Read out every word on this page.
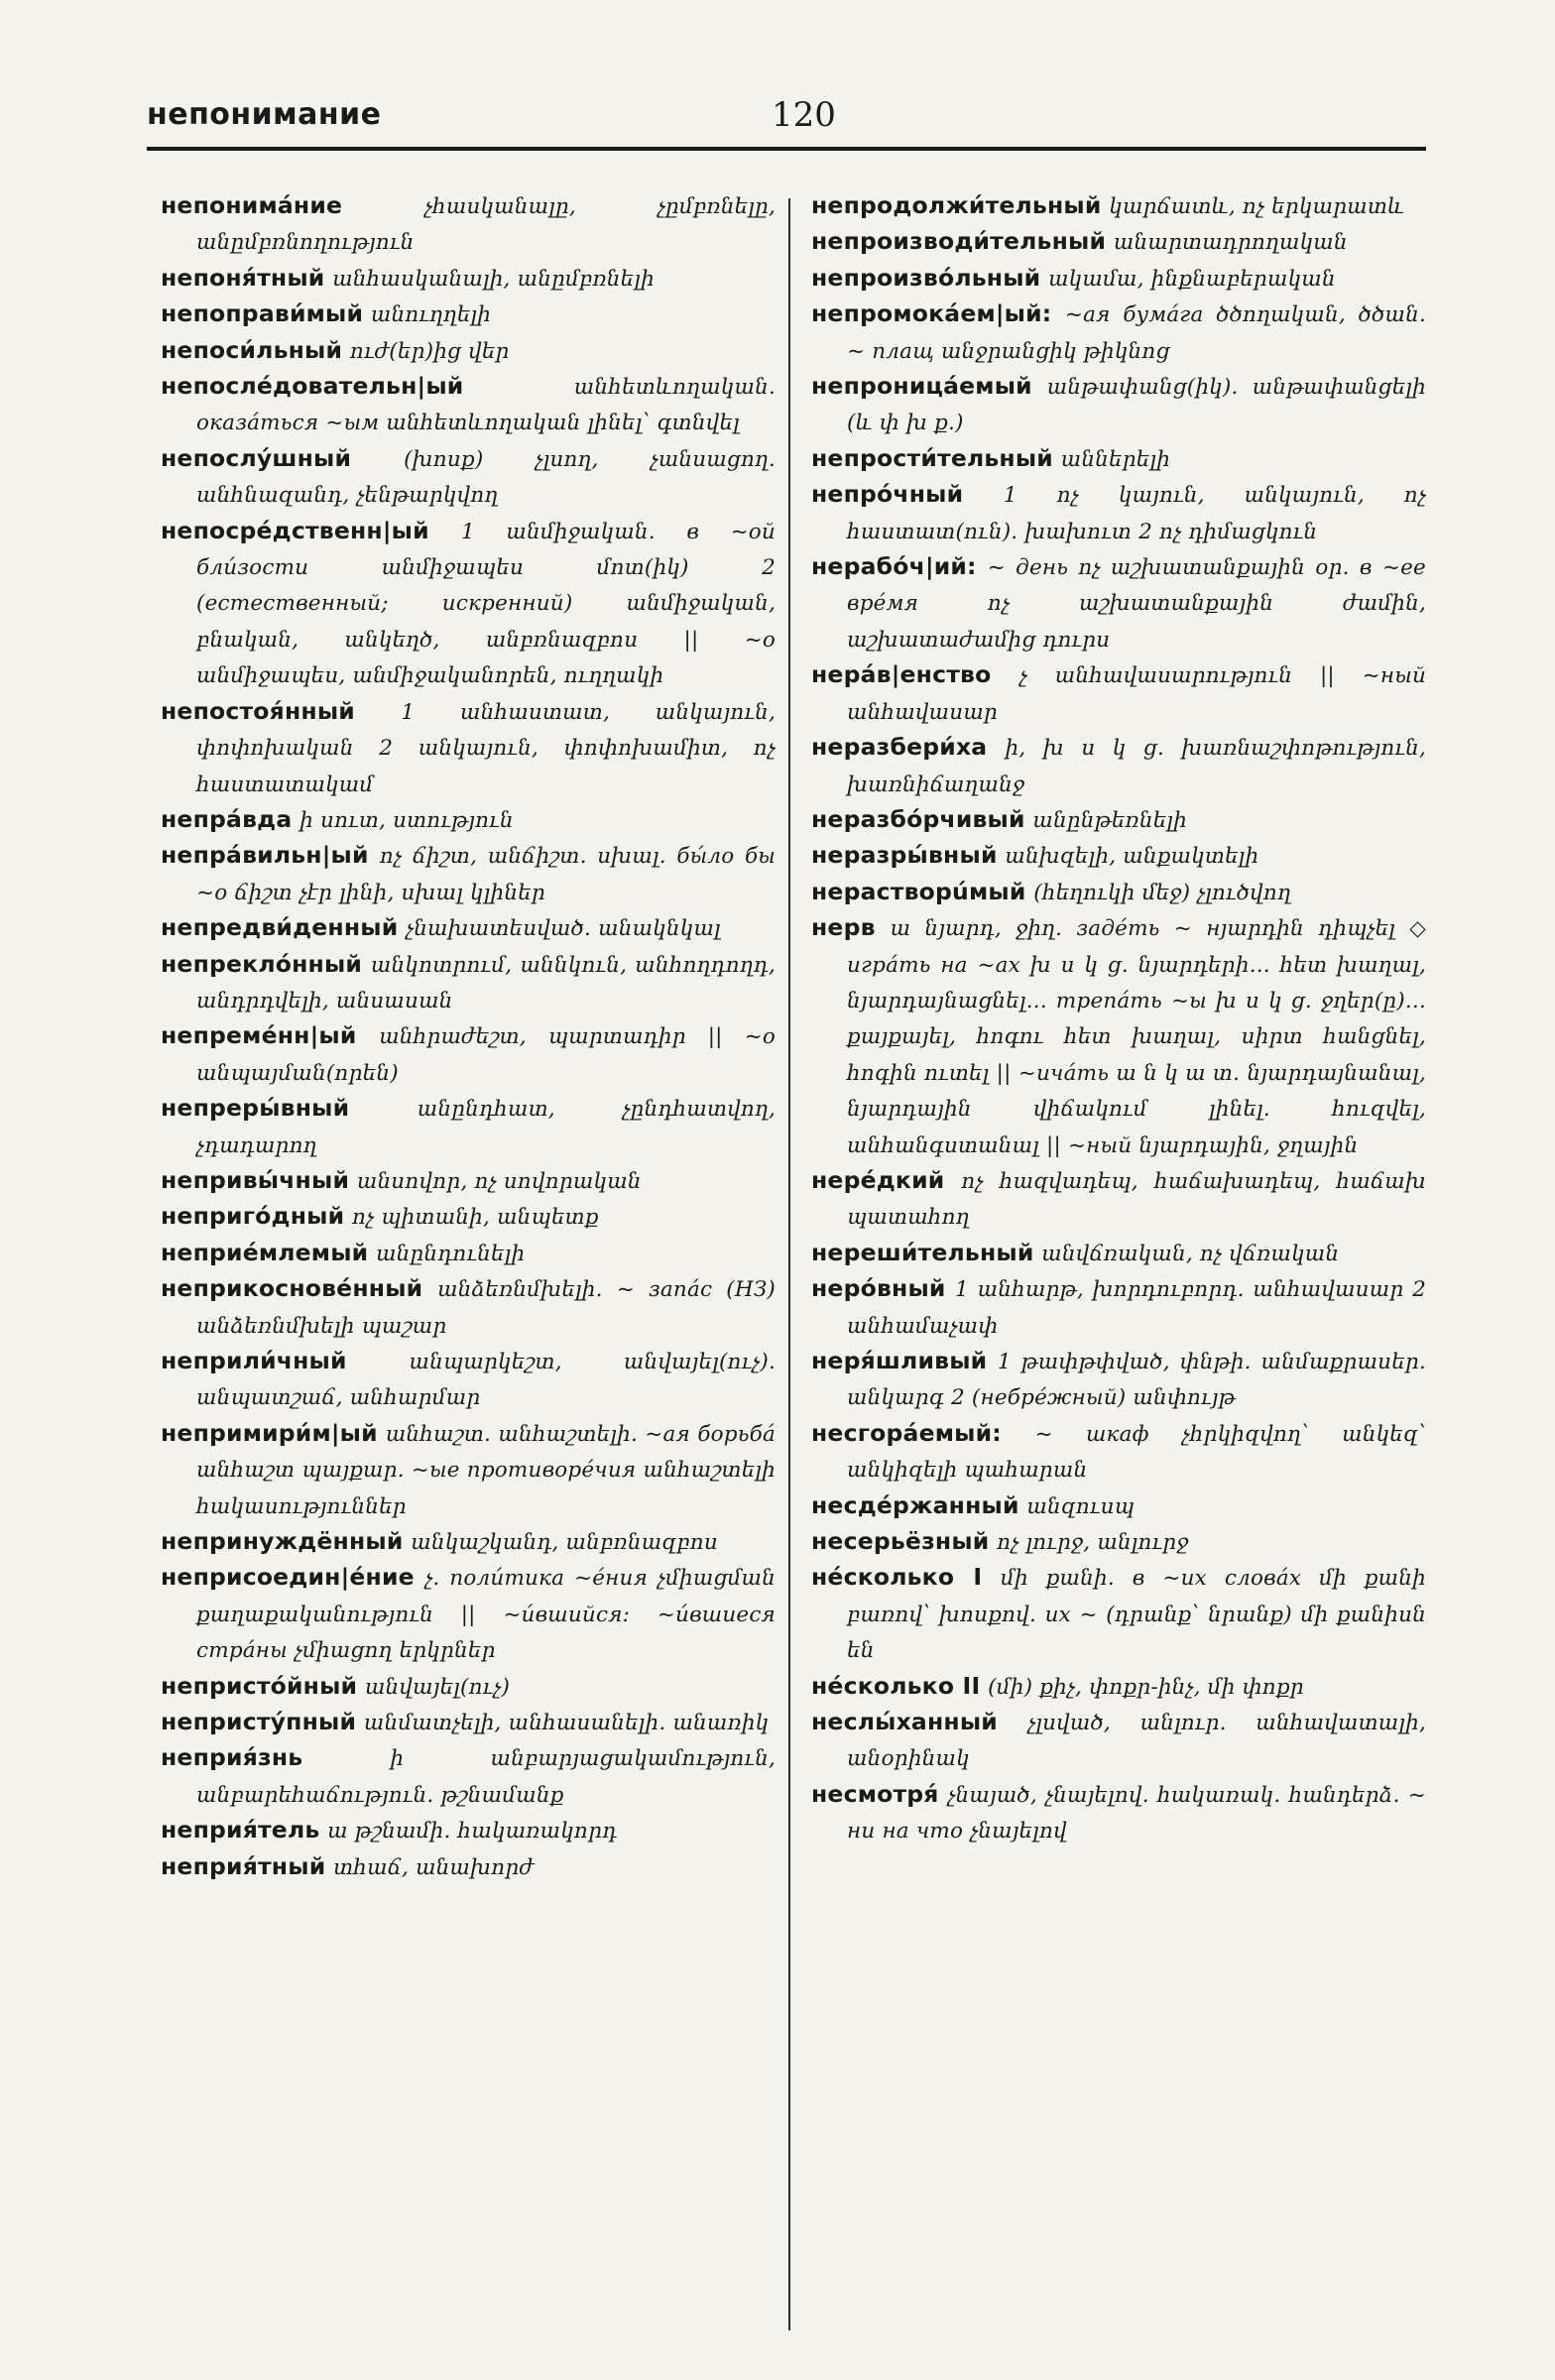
непонимание	120
непонима́ние	չհասկանալը, չըմբռնելը, անըմբռնողություն
непоня́тный անհասկանալի, անըմբռնելի
непоправи́мый անուղղելի
непоси́льный ուժ(եր)ից վեր
непосле́довательн|ый	անհետևողական. оказа́ться ~ым անհետևողական լինել՝ գտնվել
непослу́шный (խոսք) չլսող, չանսացող. անհնազանդ, չենթարկվող
непосре́дственн|ый 1 անմիջական. в ~ой бли́зости անմիջապես մոտ(իկ) 2 (естественный; искренний) անմիջական, բնական, անկեղծ, անբռնազբոս || ~о անմիջապես, անմիջականորեն, ուղղակի
непостоя́нный 1 անհաստատ, անկայուն, փոփոխական 2 անկայուն, փոփոխամիտ, ոչ հաստատակամ
непра́вда ի սուտ, ստություն
непра́вильн|ый ոչ ճիշտ, անճիշտ. սխալ. бы́ло бы ~о ճիշտ չէր լինի, սխալ կլիներ
непредви́денный չնախատեսված. անակնկալ
непреклóнный անկոտրում, աննկուն, անհողդողդ, անդրդվելի, անսասան
непреме́нн|ый անհրաժեշտ, պարտադիր || ~о անպայման(որեն)
непреры́вный	անընդհատ, չընդհատվող, չդադարող
непривы́чный անսովոր, ոչ սովորական
неприго́дный ոչ պիտանի, անպետք
неприе́млемый անընդունելի
неприкосновéнный անձեռնմխելի. ~ запа́с (НЗ) անձեռնմխելի պաշար
неприли́чный	անպարկեշտ, անվայել(ուչ). անպատշաճ, անհարմար
непримири́м|ый անհաշտ. անհաշտելի. ~ая борьба́ անհաշտ պայքար. ~ые противоре́чия անհաշտելի հակասություններ
непринуждённый անկաշկանդ, անբռնազբոս
неприсоедин|е́ние չ. поли́тика ~е́ния չմիացման քաղաքականություն || ~и́вшийся: ~и́вшиеся стра́ны չմիացող երկրներ
непристóйный անվայել(ուչ)
непристу́пный անմատչելի, անհասանելի. անառիկ
неприя́знь	ի անբարյացակամություն, անբարեհաճություն. թշնամանք
неприя́тель ա թշնամի. հակառակորդ
неприя́тный տհաճ, անախորժ
непродолжи́тельный կարճատև, ոչ երկարատև
непроизводи́тельный անարտադրողական
непроизво́льный ակամա, ինքնաբերական
непромока́ем|ый: ~ая бума́га ծծողական, ծծան. ~ плащ անջրանցիկ թիկնոց
непроница́емый անթափանց(իկ). անթափանցելի (և փ խ ք.)
непрости́тельный աններելի
непро́чный 1 ոչ կայուն, անկայուն, ոչ հաստատ(ուն). խախուտ 2 ոչ դիմացկուն
нерабо́ч|ий: ~ день ոչ աշխատանքային օր. в ~ее вре́мя ոչ աշխատանքային ժամին, աշխատաժամից դուրս
нера́в|енство չ անհավասարություն || ~ный անհավասար
неразбери́ха ի, խ ս կ ց. խառնաշփոթություն, խառնիճաղանջ
неразбо́рчивый անընթեռնելի
неразры́вный անխզելի, անքակտելի
нерастворúмый (հեղուկի մեջ) չլուծվող
нерв ա նյարդ, ջիղ. заде́ть ~ нյարդին դիպչել ◇ игра́ть на ~ах խ ս կ ց. նյարդերի... հետ խաղալ, նյարդայնացնել... трепа́ть ~ы խ ս կ ց. ջղեր(ը)... քայքայել, հոգու հետ խաղալ, սիրտ հանցնել, հոգին ուտել || ~ича́ть ա ն կ ա տ. նյարդայնանալ, նյարդային վիճակում լինել. հուզվել, անհանգստանալ || ~ный նյարդային, ջղային
неpéдкий ոչ հազվադեպ, հաճախադեպ, հաճախ պատահող
нереши́тельный անվճռական, ոչ վճռական
неро́вный 1 անհարթ, խորդուբորդ. անհավասար 2 անհամաչափ
неря́шливый 1 թափթփված, փնթի. անմաքրասեր. անկարգ 2 (небрéжный) անփույթ
несгора́емый: ~ шкаф չհրկիզվող՝ անկեզ՝ անկիզելի պահարան
несде́ржанный անզուսպ
несерьёзный ոչ լուրջ, անլուրջ
не́сколькo I մի քանի. в ~их слова́х մի քանի բառով՝ խոսքով. их ~ (դրանք՝ նրանք) մի քանիսն են
не́сколько II (մի) քիչ, փոքր-ինչ, մի փոքր
неслы́ханный չլսված, անլուր. անհավատալի, անօրինակ
несмотря́ չնայած, չնայելով. հակառակ. հանդերձ. ~ ни на что չնայելով
